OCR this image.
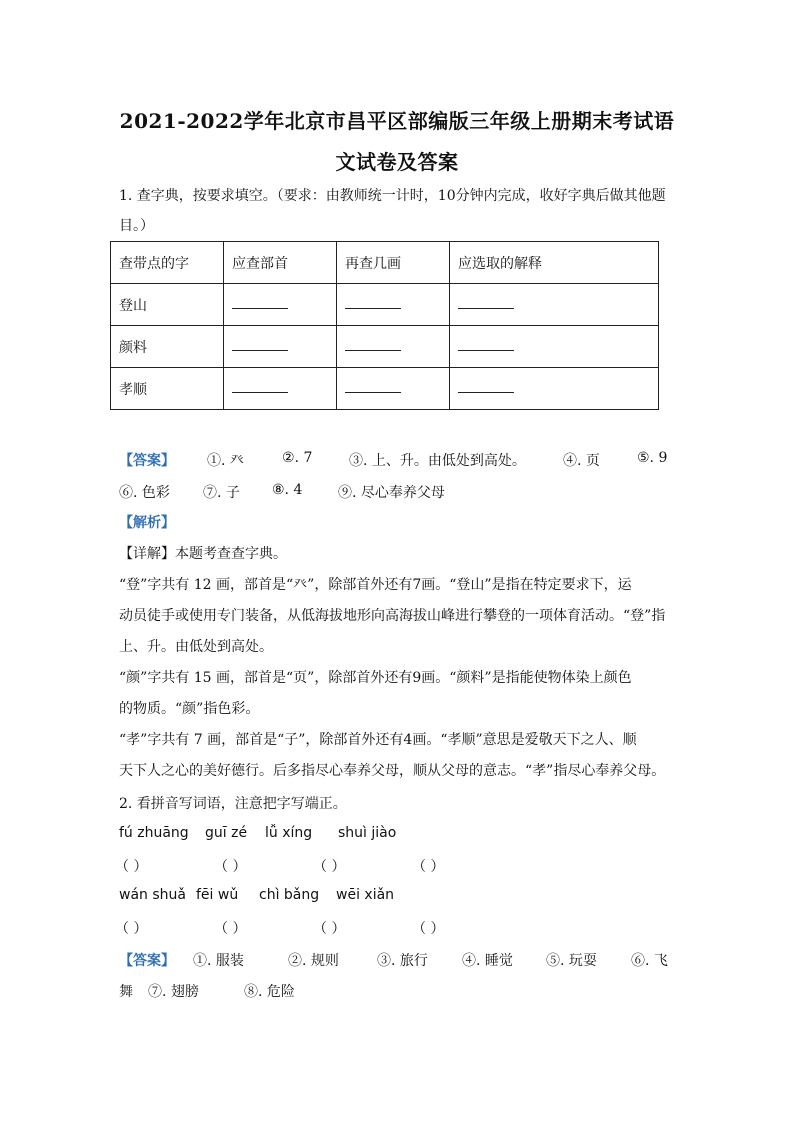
2021-2022学年北京市昌平区部编版三年级上册期末考试语
文试卷及答案
1. 查字典，按要求填空。（要求：由教师统一计时，10分钟内完成，收好字典后做其他题
目。）
查带点的字	应查部首	再查几画	应选取的解释
登山			
颜料			
孝顺			
【答案】 ①. 癶	②. 7	③. 上、升。由低处到高处。	④. 页	⑤. 9
⑥. 色彩 ⑦. 子 ⑧. 4	⑨. 尽心奉养父母
【解析】
【详解】本题考查查字典。
“登”字共有 12 画，部首是“癶”，除部首外还有7画。“登山”是指在特定要求下，运
动员徒手或使用专门装备，从低海拔地形向高海拔山峰进行攀登的一项体育活动。“登”指
上、升。由低处到高处。
“颜”字共有 15 画，部首是“页”，除部首外还有9画。“颜料”是指能使物体染上颜色
的物质。“颜”指色彩。
“孝”字共有 7 画，部首是“子”，除部首外还有4画。“孝顺”意思是爱敬天下之人、顺
天下人之心的美好德行。后多指尽心奉养父母，顺从父母的意志。“孝”指尽心奉养父母。
2. 看拼音写词语，注意把字写端正。
fú zhuāng guī zé lǚ xíng shuì jiào
（ ）	（ ）	（ ）	（ ）
wán shuǎ fēi wǔ chì bǎng wēi xiǎn
（ ）	（ ）	（ ）	（ ）
【答案】 ①. 服装	②. 规则	③. 旅行 ④. 睡觉 ⑤. 玩耍 ⑥. 飞
舞 ⑦. 翅膀	⑧. 危险
